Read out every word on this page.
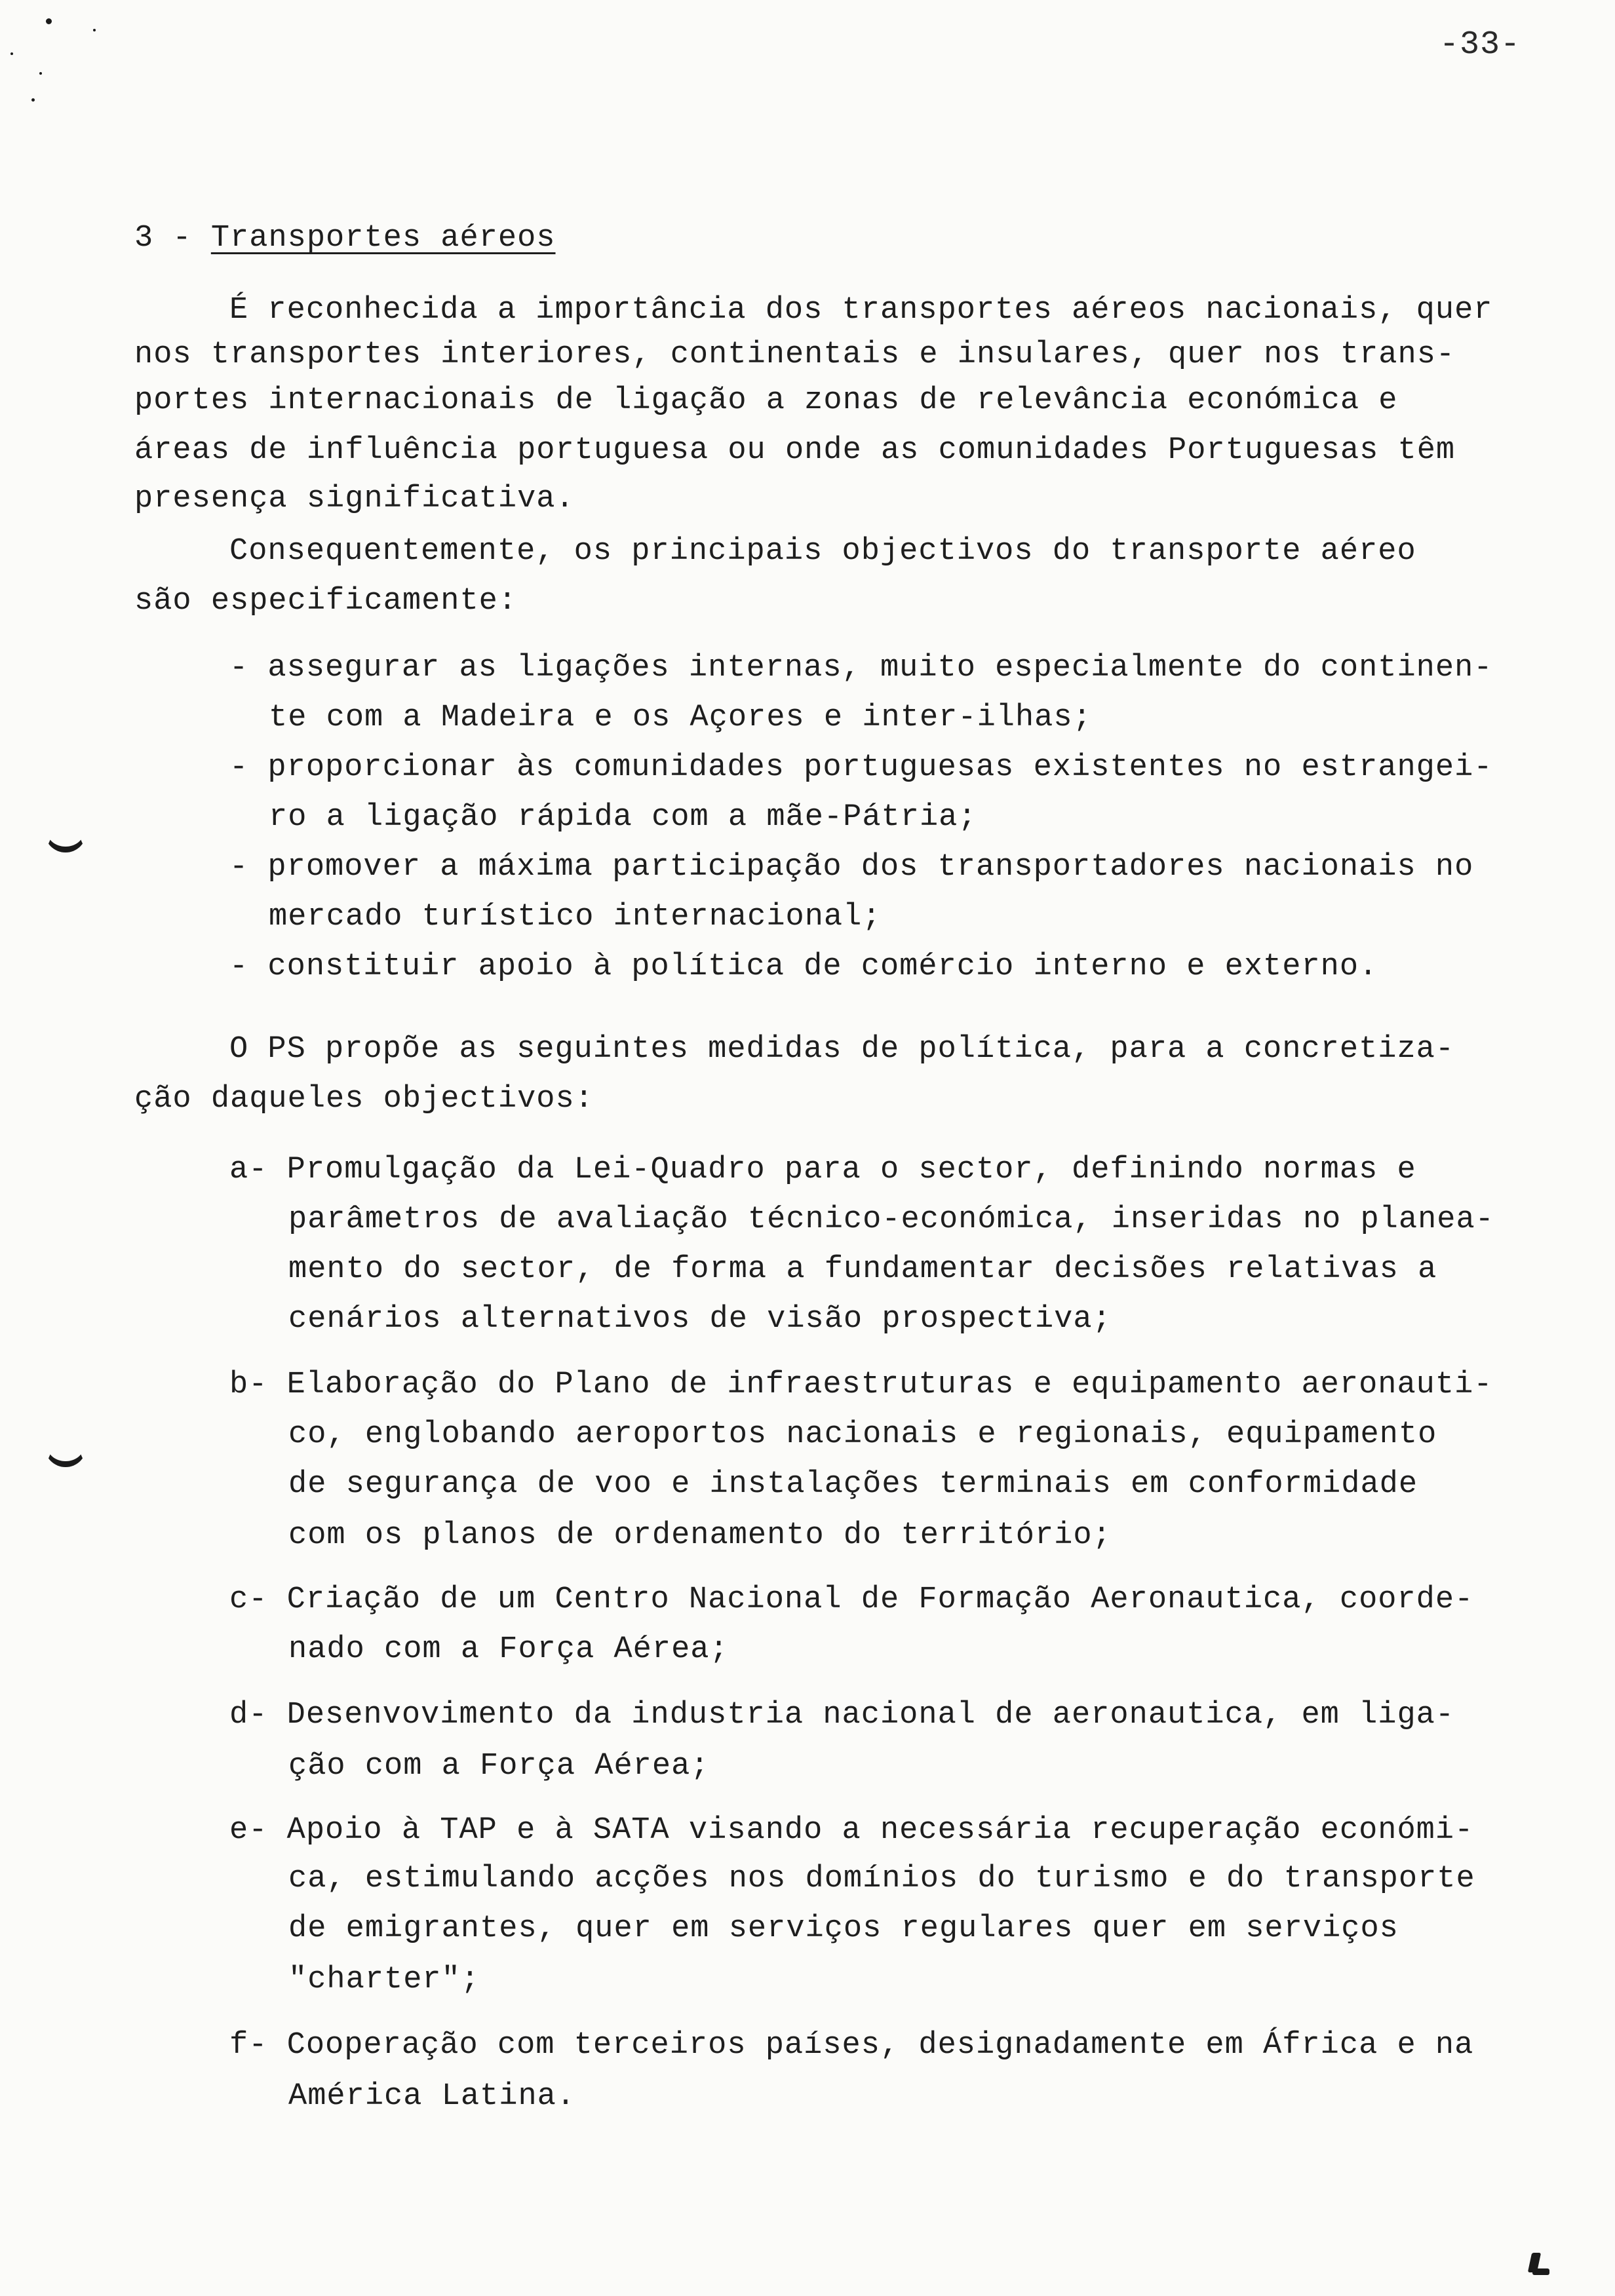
-33-
3 - Transportes aéreos
É reconhecida a importância dos transportes aéreos nacionais, quer
nos transportes interiores, continentais e insulares, quer nos trans-
portes internacionais de ligação a zonas de relevância económica e
áreas de influência portuguesa ou onde as comunidades Portuguesas têm
presença significativa.
Consequentemente, os principais objectivos do transporte aéreo
são especificamente:
- assegurar as ligações internas, muito especialmente do continen-
te com a Madeira e os Açores e inter-ilhas;
- proporcionar às comunidades portuguesas existentes no estrangei-
ro a ligação rápida com a mãe-Pátria;
- promover a máxima participação dos transportadores nacionais no
mercado turístico internacional;
- constituir apoio à política de comércio interno e externo.
O PS propõe as seguintes medidas de política, para a concretiza-
ção daqueles objectivos:
a- Promulgação da Lei-Quadro para o sector, definindo normas e
parâmetros de avaliação técnico-económica, inseridas no planea-
mento do sector, de forma a fundamentar decisões relativas a
cenários alternativos de visão prospectiva;
b- Elaboração do Plano de infraestruturas e equipamento aeronauti-
co, englobando aeroportos nacionais e regionais, equipamento
de segurança de voo e instalações terminais em conformidade
com os planos de ordenamento do território;
c- Criação de um Centro Nacional de Formação Aeronautica, coorde-
nado com a Força Aérea;
d- Desenvovimento da industria nacional de aeronautica, em liga-
ção com a Força Aérea;
e- Apoio à TAP e à SATA visando a necessária recuperação económi-
ca, estimulando acções nos domínios do turismo e do transporte
de emigrantes, quer em serviços regulares quer em serviços
"charter";
f- Cooperação com terceiros países, designadamente em África e na
América Latina.
